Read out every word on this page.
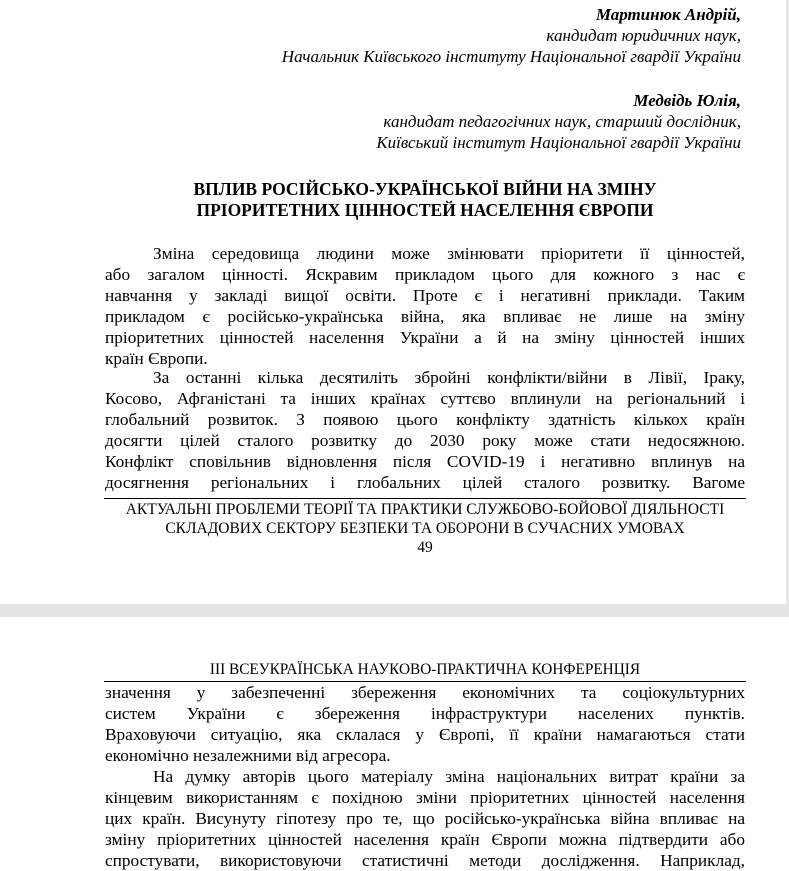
Мартинюк Андрій,
кандидат юридичних наук,
Начальник Київського інституту Національної гвардії України
Медвідь Юлія,
кандидат педагогічних наук, старший дослідник,
Київський інститут Національної гвардії України
ВПЛИВ РОСІЙСЬКО-УКРАЇНСЬКОЇ ВІЙНИ НА ЗМІНУ
ПРІОРИТЕТНИХ ЦІННОСТЕЙ НАСЕЛЕННЯ ЄВРОПИ
Зміна середовища людини може змінювати пріоритети її цінностей,
або загалом цінності. Яскравим прикладом цього для кожного з нас є
навчання у закладі вищої освіти. Проте є і негативні приклади. Таким
прикладом є російсько-українська війна, яка впливає не лише на зміну
пріоритетних цінностей населення України а й на зміну цінностей інших
країн Європи.
За останні кілька десятиліть збройні конфлікти/війни в Лівії, Іраку,
Косово, Афганістані та інших країнах суттєво вплинули на регіональний і
глобальний розвиток. З появою цього конфлікту здатність кількох країн
досягти цілей сталого розвитку до 2030 року може стати недосяжною.
Конфлікт сповільнив відновлення після COVID-19 і негативно вплинув на
досягнення регіональних і глобальних цілей сталого розвитку. Вагоме
АКТУАЛЬНІ ПРОБЛЕМИ ТЕОРІЇ ТА ПРАКТИКИ СЛУЖБОВО-БОЙОВОЇ ДІЯЛЬНОСТІ
СКЛАДОВИХ СЕКТОРУ БЕЗПЕКИ ТА ОБОРОНИ В СУЧАСНИХ УМОВАХ
49
ІІІ ВСЕУКРАЇНСЬКА НАУКОВО-ПРАКТИЧНА КОНФЕРЕНЦІЯ
значення у забезпеченні збереження економічних та соціокультурних
систем України є збереження інфраструктури населених пунктів.
Враховуючи ситуацію, яка склалася у Європі, її країни намагаються стати
економічно незалежними від агресора.
На думку авторів цього матеріалу зміна національних витрат країни за
кінцевим використанням є похідною зміни пріоритетних цінностей населення
цих країн. Висунуту гіпотезу про те, що російсько-українська війна впливає на
зміну пріоритетних цінностей населення країн Європи можна підтвердити або
спростувати, використовуючи статистичні методи дослідження. Наприклад,
